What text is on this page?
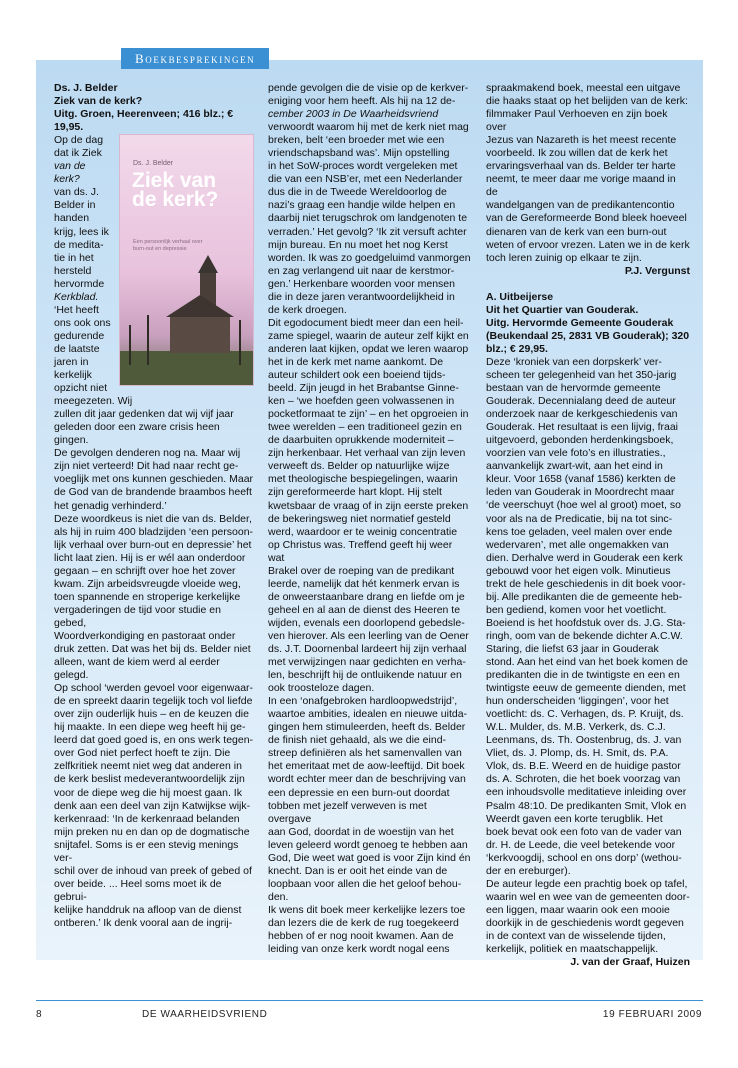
Boekbesprekingen

Ds. J. Belder

Ziek van de kerk?

Uitg. Groen, Heerenveen; 416 blz.; € 19,95.

Ds. J. Belder
Ziek van de kerk?
Een persoonlijk verhaal over burn-out en depressie

Op de dag

dat ik Ziek

van de kerk?

van ds. J.

Belder in

handen

krijg, lees ik

de medita-

tie in het

hersteld

hervormde

Kerkblad.

‘Het heeft

ons ook ons

gedurende

de laatste

jaren in

kerkelijk opzicht niet meegezeten. Wij

zullen dit jaar gedenken dat wij vijf jaar

geleden door een zware crisis heen gingen.

De gevolgen denderen nog na. Maar wij

zijn niet verteerd! Dit had naar recht ge-

voeglijk met ons kunnen geschieden. Maar

de God van de brandende braambos heeft

het genadig verhinderd.’

Deze woordkeus is niet die van ds. Belder,

als hij in ruim 400 bladzijden ‘een persoon-

lijk verhaal over burn-out en depressie’ het

licht laat zien. Hij is er wél aan onderdoor

gegaan – en schrijft over hoe het zover

kwam. Zijn arbeidsvreugde vloeide weg,

toen spannende en stroperige kerkelijke

vergaderingen de tijd voor studie en gebed,

Woordverkondiging en pastoraat onder

druk zetten. Dat was het bij ds. Belder niet

alleen, want de kiem werd al eerder gelegd.

Op school ‘werden gevoel voor eigenwaar-

de en spreekt daarin tegelijk toch vol liefde

over zijn ouderlijk huis – en de keuzen die

hij maakte. In een diepe weg heeft hij ge-

leerd dat goed goed is, en ons werk tegen-

over God niet perfect hoeft te zijn. Die

zelfkritiek neemt niet weg dat anderen in

de kerk beslist medeverantwoordelijk zijn

voor de diepe weg die hij moest gaan. Ik

denk aan een deel van zijn Katwijkse wijk-

kerkenraad: ‘In de kerkenraad belanden

mijn preken nu en dan op de dogmatische

snijtafel. Soms is er een stevig menings ver-

schil over de inhoud van preek of gebed of

over beide. ... Heel soms moet ik de gebrui-

kelijke handdruk na afloop van de dienst

ontberen.’ Ik denk vooral aan de ingrij-

pende gevolgen die de visie op de kerkver-

eniging voor hem heeft. Als hij na 12 de-

cember 2003 in De Waarheidsvriend

verwoordt waarom hij met de kerk niet mag

breken, belt ‘een broeder met wie een

vriendschapsband was’. Mijn opstelling

in het SoW-proces wordt vergeleken met

die van een NSB’er, met een Nederlander

dus die in de Tweede Wereldoorlog de

nazi’s graag een handje wilde helpen en

daarbij niet terugschrok om landgenoten te

verraden.’ Het gevolg? ‘Ik zit versuft achter

mijn bureau. En nu moet het nog Kerst

worden. Ik was zo goedgeluimd vanmorgen

en zag verlangend uit naar de kerstmor-

gen.’ Herkenbare woorden voor mensen

die in deze jaren verantwoordelijkheid in

de kerk droegen.

Dit egodocument biedt meer dan een heil-

zame spiegel, waarin de auteur zelf kijkt en

anderen laat kijken, opdat we leren waarop

het in de kerk met name aankomt. De

auteur schildert ook een boeiend tijds-

beeld. Zijn jeugd in het Brabantse Ginne-

ken – ‘we hoefden geen volwassenen in

pocketformaat te zijn’ – en het opgroeien in

twee werelden – een traditioneel gezin en

de daarbuiten oprukkende moderniteit –

zijn herkenbaar. Het verhaal van zijn leven

verweeft ds. Belder op natuurlijke wijze

met theologische bespiegelingen, waarin

zijn gereformeerde hart klopt. Hij stelt

kwetsbaar de vraag of in zijn eerste preken

de bekeringsweg niet normatief gesteld

werd, waardoor er te weinig concentratie

op Christus was. Treffend geeft hij weer wat

Brakel over de roeping van de predikant

leerde, namelijk dat hét kenmerk ervan is

de onweerstaanbare drang en liefde om je

geheel en al aan de dienst des Heeren te

wijden, evenals een doorlopend gebedsle-

ven hierover. Als een leerling van de Oener

ds. J.T. Doornenbal lardeert hij zijn verhaal

met verwijzingen naar gedichten en verha-

len, beschrijft hij de ontluikende natuur en

ook troosteloze dagen.

In een ‘onafgebroken hardloopwedstrijd’,

waartoe ambities, idealen en nieuwe uitda-

gingen hem stimuleerden, heeft ds. Belder

de finish niet gehaald, als we die eind-

streep definiëren als het samenvallen van

het emeritaat met de aow-leeftijd. Dit boek

wordt echter meer dan de beschrijving van

een depressie en een burn-out doordat

tobben met jezelf verweven is met overgave

aan God, doordat in de woestijn van het

leven geleerd wordt genoeg te hebben aan

God, Die weet wat goed is voor Zijn kind én

knecht. Dan is er ooit het einde van de

loopbaan voor allen die het geloof behou-

den.

Ik wens dit boek meer kerkelijke lezers toe

dan lezers die de kerk de rug toegekeerd

hebben of er nog nooit kwamen. Aan de

leiding van onze kerk wordt nogal eens

spraakmakend boek, meestal een uitgave

die haaks staat op het belijden van de kerk:

filmmaker Paul Verhoeven en zijn boek over

Jezus van Nazareth is het meest recente

voorbeeld. Ik zou willen dat de kerk het

ervaringsverhaal van ds. Belder ter harte

neemt, te meer daar me vorige maand in de

wandelgangen van de predikantencontio

van de Gereformeerde Bond bleek hoeveel

dienaren van de kerk van een burn-out

weten of ervoor vrezen. Laten we in de kerk

toch leren zuinig op elkaar te zijn.

P.J. Vergunst

A. Uitbeijerse

Uit het Quartier van Gouderak.

Uitg. Hervormde Gemeente Gouderak

(Beukendaal 25, 2831 VB Gouderak); 320

blz.; € 29,95.

Deze ‘kroniek van een dorpskerk’ ver-

scheen ter gelegenheid van het 350-jarig

bestaan van de hervormde gemeente

Gouderak. Decennialang deed de auteur

onderzoek naar de kerkgeschiedenis van

Gouderak. Het resultaat is een lijvig, fraai

uitgevoerd, gebonden herdenkingsboek,

voorzien van vele foto’s en illustraties.,

aanvankelijk zwart-wit, aan het eind in

kleur. Voor 1658 (vanaf 1586) kerkten de

leden van Gouderak in Moordrecht maar

‘de veerschuyt (hoe wel al groot) moet, so

voor als na de Predicatie, bij na tot sinc-

kens toe geladen, veel malen over ende

wedervaren’, met alle ongemakken van

dien. Derhalve werd in Gouderak een kerk

gebouwd voor het eigen volk. Minutieus

trekt de hele geschiedenis in dit boek voor-

bij. Alle predikanten die de gemeente heb-

ben gediend, komen voor het voetlicht.

Boeiend is het hoofdstuk over ds. J.G. Sta-

ringh, oom van de bekende dichter A.C.W.

Staring, die liefst 63 jaar in Gouderak

stond. Aan het eind van het boek komen de

predikanten die in de twintigste en een en

twintigste eeuw de gemeente dienden, met

hun onderscheiden ‘liggingen’, voor het

voetlicht: ds. C. Verhagen, ds. P. Kruijt, ds.

W.L. Mulder, ds. M.B. Verkerk, ds. C.J.

Leenmans, ds. Th. Oostenbrug, ds. J. van

Vliet, ds. J. Plomp, ds. H. Smit, ds. P.A.

Vlok, ds. B.E. Weerd en de huidige pastor

ds. A. Schroten, die het boek voorzag van

een inhoudsvolle meditatieve inleiding over

Psalm 48:10. De predikanten Smit, Vlok en

Weerdt gaven een korte terugblik. Het

boek bevat ook een foto van de vader van

dr. H. de Leede, die veel betekende voor

‘kerkvoogdij, school en ons dorp’ (wethou-

der en ereburger).

De auteur legde een prachtig boek op tafel,

waarin wel en wee van de gemeenten door-

een liggen, maar waarin ook een mooie

doorkijk in de geschiedenis wordt gegeven

in de context van de wisselende tijden,

kerkelijk, politiek en maatschappelijk.

J. van der Graaf, Huizen

8	DE WAARHEIDSVRIEND	19 FEBRUARI 2009
